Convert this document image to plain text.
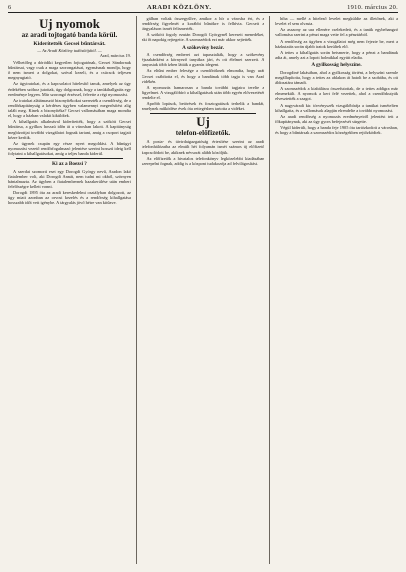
6	ARADI KÖZLÖNY.	1910. március 20.
Uj nyomok
az aradi tojtogató banda körül.
Kiderítették Gecsei bűntársát.
— Az Aradi Közlöny tudósítójától. —
Arad, március 19.

Vélhetőleg a dóródiki kegyetlen fojtogatónak, Gecsei Sándornak bűntársai, vagy csak a maga szorongatásai, egymásnak mondja, hogy ő nem ismeri a dolgokat, szóval kezeli, és a csúcsok teljesen megnyugtató.

Az ügyiratokat, és a kapcsolatot hitelesítő tanuk, amelyek az ügy érdekében szóhoz jutottak, úgy dolgoznak, hogy a tanúkihallgatás egy eredménye legyen. Már szorongó érzéssel, felvette a régi nyomozást.

Az iratokat alátámasztó bizonyítékokat szerezték a csendőrség, de a rendőrkapitányság a kérdéses ügyben valamennyi megerősítést alig talált meg. Kinek a bizonyítéka? Gecsei vallomásában maga mondta el, hogy a házban valakit kiküldtek.

A kihallgatás alkalmával kiderítették, hogy a szökött Gecsei bűntársa, a gyilkos hosszú időn át a városban lakott. A kapitányság megbízottjai további vizsgálatot fognak tartani, amig a csoport tagjait kézre kerítik.

Az ügynek csupán egy része nyert megoldást. A bűnügyi nyomozást vezető rendőrfogalmazó jelentése szerint hosszú ideig kell folytatni a kihallgatásokat, amíg a teljes banda kiderül.

Ki az a Boezsi ?

A szerdai szomorú eset egy Dorogdi György nevű, Aradon lakó fiatalember volt, aki Dorogdi Annát, nem tudni mi okból, szörnyen bántalmazta. Az ügyben a fiatalembernek hazakerülése után emberi felelősségre kellett vonni.

Dorogdi 1895 óta az aradi kereskedelmi osztályban dolgozott, az ügy miatt azonban az orvosi kezelés és a rendőrség kihallgatása hosszabb időt vett igénybe. A tárgyalás jövő hétre van kitűzve.

gálban voltak összegyűlve, amikor a hír a városba ért, és a rendőrség figyelmét a korábbi bűnökre is felhívta. Gecseit a tárgyaláson ismét felismerték.

A szökött fogoly ezután Dorogdi Györgynél keresett menedéket, aki őt napokig rejtegette. A szomszédok ezt már akkor sejtették.

A szökevény bezár.

A csendőrség emberei azt tapasztalták, hogy a szökevény éjszakánként a környező tanyákra járt, és ott élelmet szerzett. A tanyasiak több ízben látták a gyanús idegent.

Az eltűnt ember felesége a csendőröknek elmondta, hogy urát Gecsei csábította el, és hogy a bandának több tagja is van Arad vidékén.

A nyomozás hamarosan a banda további tagjaira terelte a figyelmet. A vizsgálóbíró a kihallgatások után több egyén elővezetését rendelte el.

Apróbb lopások, betörések és fosztogatások terhelik a bandát, amelynek működése évek óta rettegésben tartotta a vidéket.

Uj
telefon-előfizetők.

A posta- és távirdaigazgatóság értesítése szerint az aradi telefonhálózatba az elmúlt hét folyamán ismét számos új előfizető kapcsolódott be, akiknek névsorát alább közöljük.

Az előfizetők a hivatalos telefonkönyv legközelebbi kiadásában szerepelni fognak, addig is a központ tudakozója ad felvilágosítást.

hiba — mellé a hitelező levelet megküldte az illetőnek, aki a levelet el sem olvasta.

Az asszony az ura ellenére cselekedett, és a tanúk egybehangzó vallomása szerint a pénzt maga vette fel a pénztárból.

A rendőrség az ügyben a vizsgálatot még nem fejezte be, mert a házkutatás során újabb iratok kerültek elő.

A tettes a kihallgatás során beismerte, hogy a pénzt a bandának adta át, amely azt a lopott holmikkal együtt eladta.

A gyilkosság helyszíne.

Dorogdiné lakásában, ahol a gyilkosság történt, a helyszíni szemle megállapította, hogy a tettes az ablakon át hatolt be a szobába, és ott áldozatára támadt.

A szomszédok a kiabálásra összefutottak, de a tettes addigra már elmenekült. A nyomok a kert felé vezettek, ahol a csendőrkutyák elvesztették a szagot.

A nagyváradi kir. törvényszék vizsgálóbírája a tanúkat ismételten kihallgatta, és a vallomások alapján elrendelte a további nyomozást.

Az aradi rendőrség a nyomozás eredményeiről jelentést tett a főkapitánynak, aki az ügy gyors befejezését sürgette.

Végül kiderült, hogy a banda feje 1905 óta tartózkodott a városban, és hogy a bűntársak a szomszédos községekben rejtőzködtek.
